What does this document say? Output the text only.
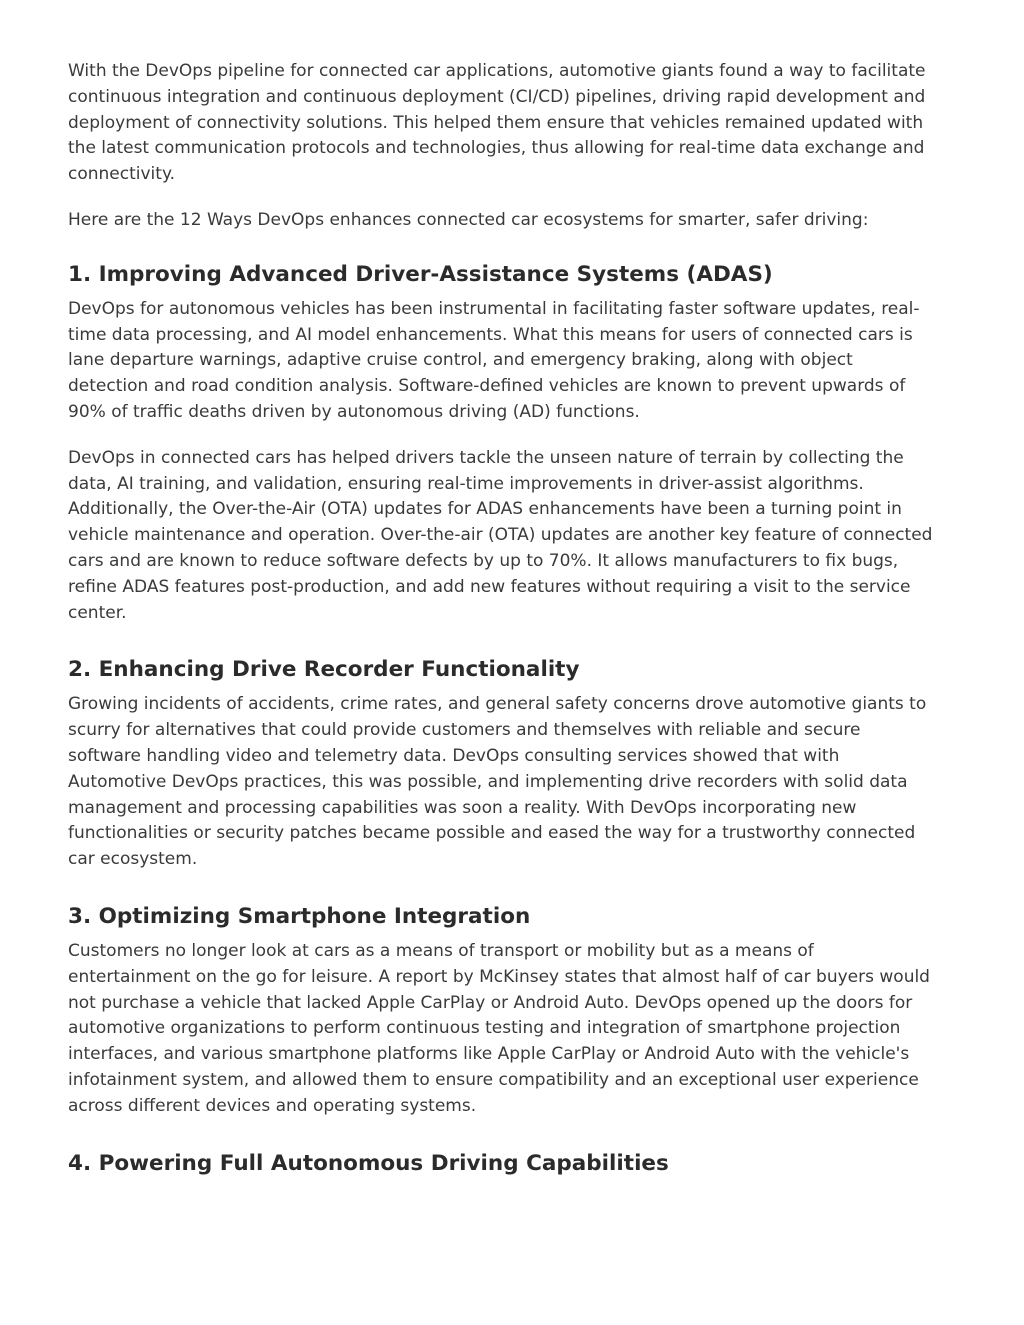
With the DevOps pipeline for connected car applications, automotive giants found a way to facilitate continuous integration and continuous deployment (CI/CD) pipelines, driving rapid development and deployment of connectivity solutions. This helped them ensure that vehicles remained updated with the latest communication protocols and technologies, thus allowing for real-time data exchange and connectivity.

Here are the 12 Ways DevOps enhances connected car ecosystems for smarter, safer driving:

1. Improving Advanced Driver-Assistance Systems (ADAS)

DevOps for autonomous vehicles has been instrumental in facilitating faster software updates, real-time data processing, and AI model enhancements. What this means for users of connected cars is lane departure warnings, adaptive cruise control, and emergency braking, along with object detection and road condition analysis. Software-defined vehicles are known to prevent upwards of 90% of traffic deaths driven by autonomous driving (AD) functions.

DevOps in connected cars has helped drivers tackle the unseen nature of terrain by collecting the data, AI training, and validation, ensuring real-time improvements in driver-assist algorithms. Additionally, the Over-the-Air (OTA) updates for ADAS enhancements have been a turning point in vehicle maintenance and operation. Over-the-air (OTA) updates are another key feature of connected cars and are known to reduce software defects by up to 70%. It allows manufacturers to fix bugs, refine ADAS features post-production, and add new features without requiring a visit to the service center.

2. Enhancing Drive Recorder Functionality

Growing incidents of accidents, crime rates, and general safety concerns drove automotive giants to scurry for alternatives that could provide customers and themselves with reliable and secure software handling video and telemetry data. DevOps consulting services showed that with Automotive DevOps practices, this was possible, and implementing drive recorders with solid data management and processing capabilities was soon a reality. With DevOps incorporating new functionalities or security patches became possible and eased the way for a trustworthy connected car ecosystem.

3. Optimizing Smartphone Integration

Customers no longer look at cars as a means of transport or mobility but as a means of entertainment on the go for leisure. A report by McKinsey states that almost half of car buyers would not purchase a vehicle that lacked Apple CarPlay or Android Auto. DevOps opened up the doors for automotive organizations to perform continuous testing and integration of smartphone projection interfaces, and various smartphone platforms like Apple CarPlay or Android Auto with the vehicle's infotainment system, and allowed them to ensure compatibility and an exceptional user experience across different devices and operating systems.

4. Powering Full Autonomous Driving Capabilities
